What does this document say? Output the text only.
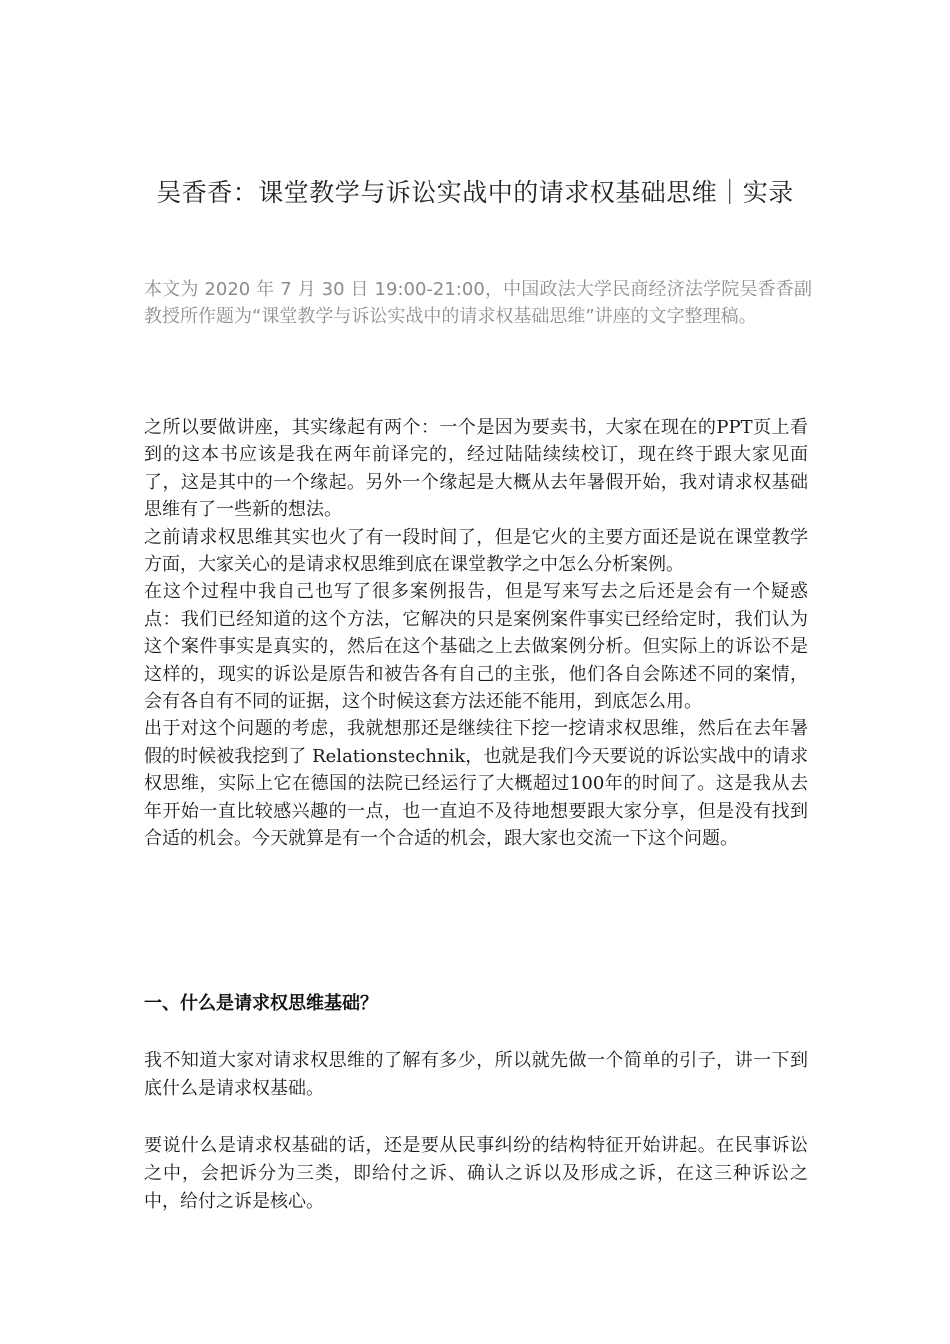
吴香香：课堂教学与诉讼实战中的请求权基础思维｜实录

本文为 2020 年 7 月 30 日 19:00-21:00，中国政法大学民商经济法学院吴香香副教授所作题为“课堂教学与诉讼实战中的请求权基础思维”讲座的文字整理稿。

之所以要做讲座，其实缘起有两个：一个是因为要卖书，大家在现在的PPT页上看到的这本书应该是我在两年前译完的，经过陆陆续续校订，现在终于跟大家见面了，这是其中的一个缘起。另外一个缘起是大概从去年暑假开始，我对请求权基础思维有了一些新的想法。

之前请求权思维其实也火了有一段时间了，但是它火的主要方面还是说在课堂教学方面，大家关心的是请求权思维到底在课堂教学之中怎么分析案例。

在这个过程中我自己也写了很多案例报告，但是写来写去之后还是会有一个疑惑点：我们已经知道的这个方法，它解决的只是案例案件事实已经给定时，我们认为这个案件事实是真实的，然后在这个基础之上去做案例分析。但实际上的诉讼不是这样的，现实的诉讼是原告和被告各有自己的主张，他们各自会陈述不同的案情，会有各自有不同的证据，这个时候这套方法还能不能用，到底怎么用。

出于对这个问题的考虑，我就想那还是继续往下挖一挖请求权思维，然后在去年暑假的时候被我挖到了 Relationstechnik，也就是我们今天要说的诉讼实战中的请求权思维，实际上它在德国的法院已经运行了大概超过100年的时间了。这是我从去年开始一直比较感兴趣的一点，也一直迫不及待地想要跟大家分享，但是没有找到合适的机会。今天就算是有一个合适的机会，跟大家也交流一下这个问题。

一、什么是请求权思维基础？

我不知道大家对请求权思维的了解有多少，所以就先做一个简单的引子，讲一下到底什么是请求权基础。

要说什么是请求权基础的话，还是要从民事纠纷的结构特征开始讲起。在民事诉讼之中，会把诉分为三类，即给付之诉、确认之诉以及形成之诉，在这三种诉讼之中，给付之诉是核心。
